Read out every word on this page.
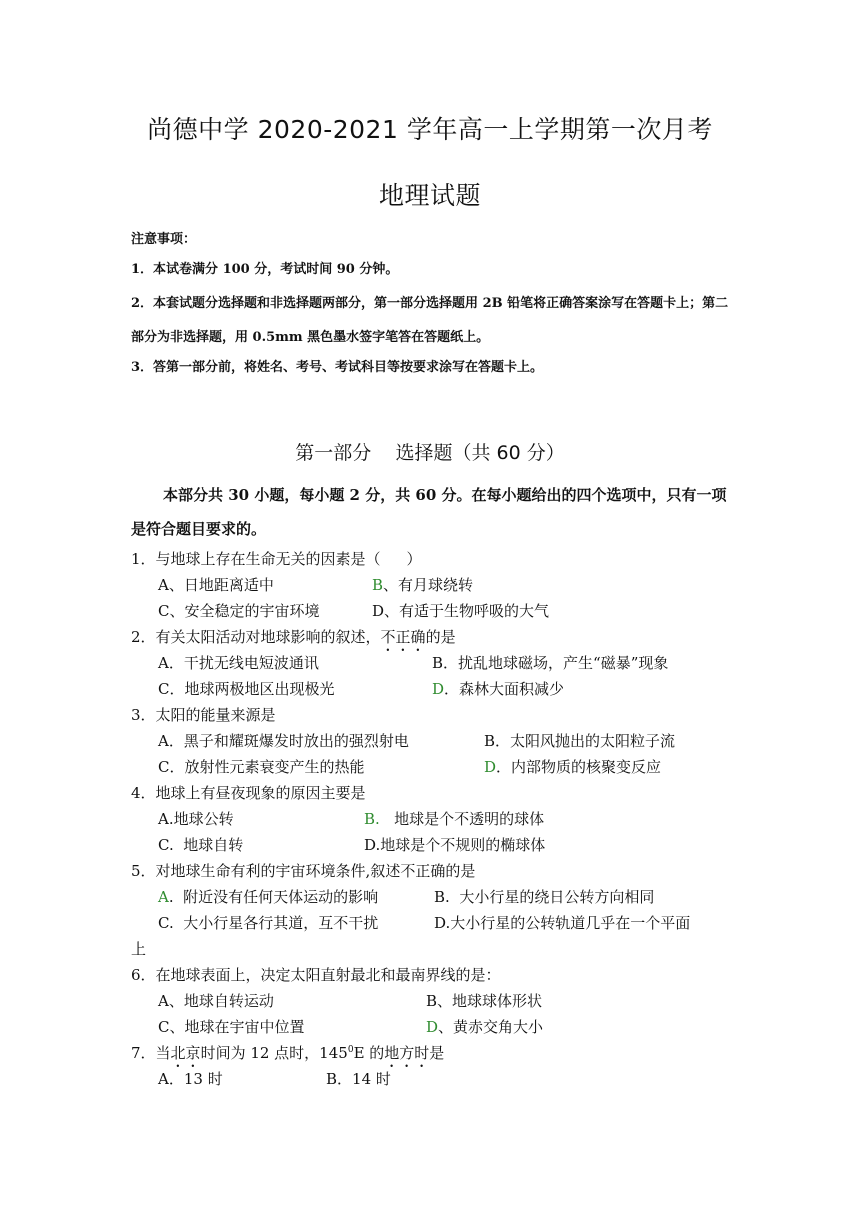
尚德中学 2020-2021 学年高一上学期第一次月考
地理试题
注意事项：

1．本试卷满分 100 分，考试时间 90 分钟。

2．本套试题分选择题和非选择题两部分，第一部分选择题用 2B 铅笔将正确答案涂写在答题卡上；第二部分为非选择题，用 0.5mm 黑色墨水签字笔答在答题纸上。

3．答第一部分前，将姓名、考号、考试科目等按要求涂写在答题卡上。

第一部分    选择题（共 60 分）

本部分共 30 小题，每小题 2 分，共 60 分。在每小题给出的四个选项中，只有一项是符合题目要求的。

1．与地球上存在生命无关的因素是（ ）
A、日地距离适中	B、有月球绕转
C、安全稳定的宇宙环境	D、有适于生物呼吸的大气
2．有关太阳活动对地球影响的叙述，不正确的是
A．干扰无线电短波通讯	B．扰乱地球磁场，产生“磁暴”现象
C．地球两极地区出现极光	D．森林大面积减少
3．太阳的能量来源是
A．黑子和耀斑爆发时放出的强烈射电	B．太阳风抛出的太阳粒子流
C．放射性元素衰变产生的热能	D．内部物质的核聚变反应
4．地球上有昼夜现象的原因主要是
A.地球公转	B.   地球是个不透明的球体
C.  地球自转	D.地球是个不规则的椭球体
5．对地球生命有利的宇宙环境条件,叙述不正确的是
A.  附近没有任何天体运动的影响	B.  大小行星的绕日公转方向相同
C.  大小行星各行其道，互不干扰	D.大小行星的公转轨道几乎在一个平面
上
6．在地球表面上，决定太阳直射最北和最南界线的是：
A、地球自转运动	B、地球球体形状
C、地球在宇宙中位置	D、黄赤交角大小
7．当北京时间为 12 点时，$145^0E$ 的地方时是
A．13 时	B．14 时
